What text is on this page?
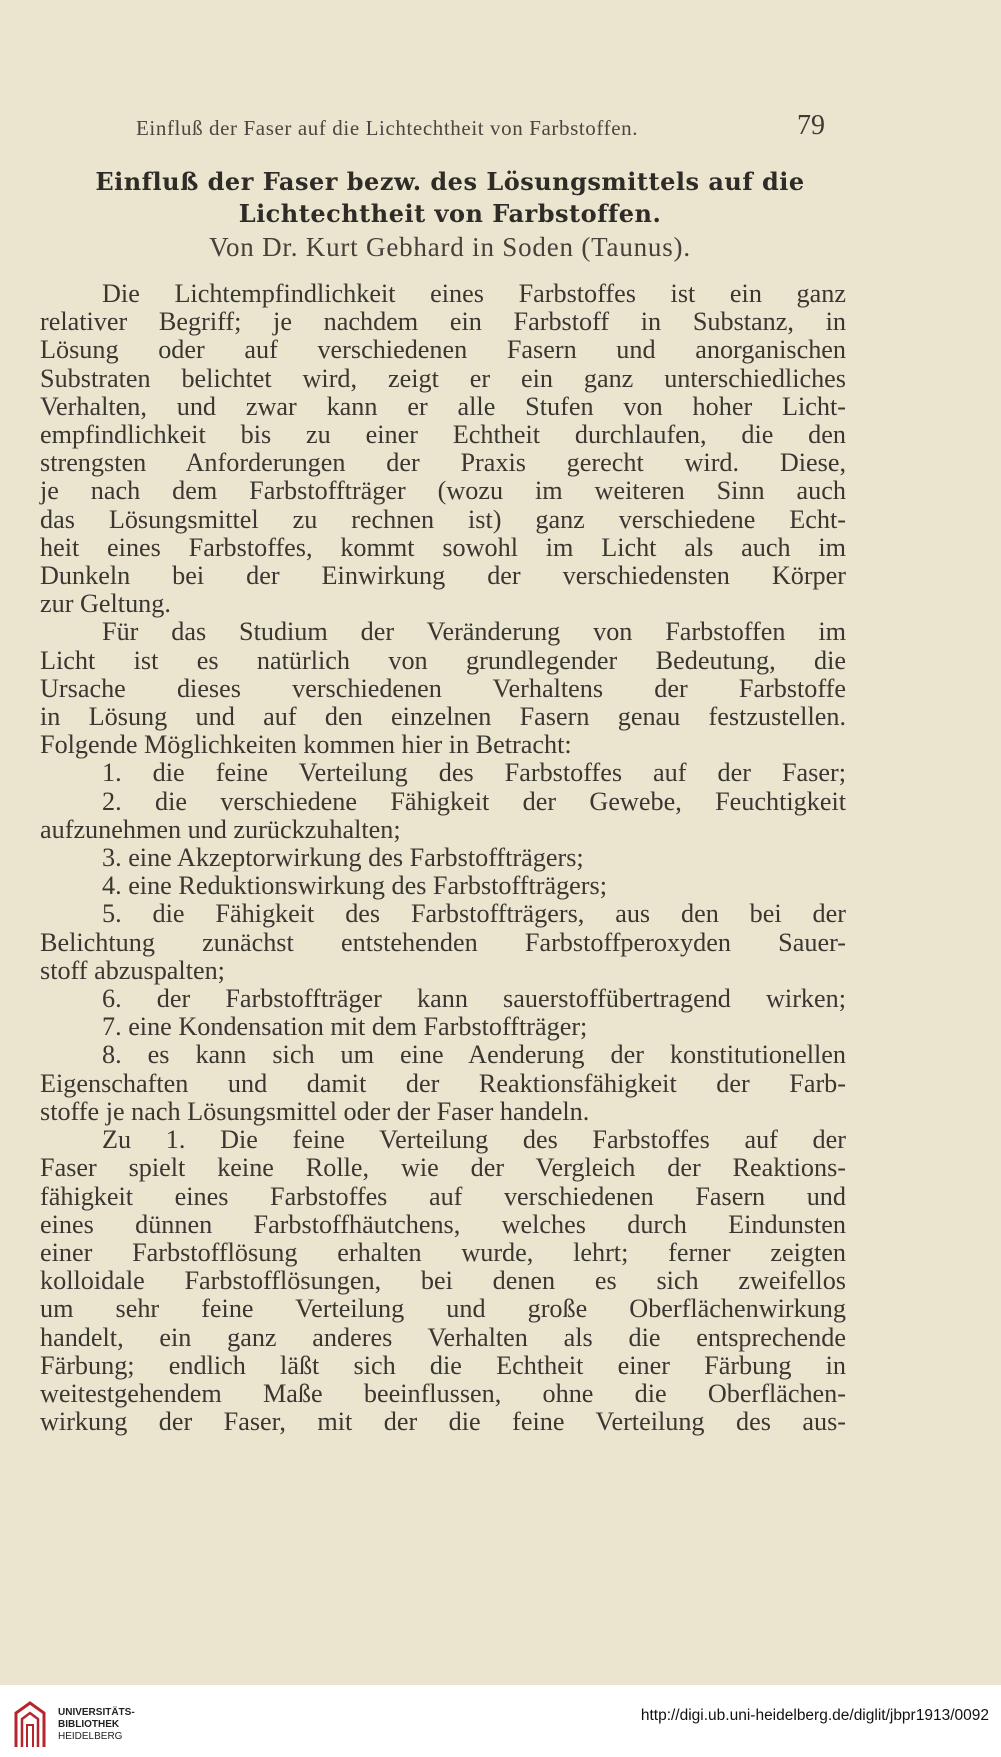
Einfluß der Faser auf die Lichtechtheit von Farbstoffen.	79
Einfluß der Faser bezw. des Lösungsmittels auf die
Lichtechtheit von Farbstoffen.
Von Dr. Kurt Gebhard in Soden (Taunus).

Die Lichtempfindlichkeit eines Farbstoffes ist ein ganz

relativer Begriff; je nachdem ein Farbstoff in Substanz, in

Lösung oder auf verschiedenen Fasern und anorganischen

Substraten belichtet wird, zeigt er ein ganz unterschiedliches

Verhalten, und zwar kann er alle Stufen von hoher Licht-

empfindlichkeit bis zu einer Echtheit durchlaufen, die den

strengsten Anforderungen der Praxis gerecht wird. Diese,

je nach dem Farbstoffträger (wozu im weiteren Sinn auch

das Lösungsmittel zu rechnen ist) ganz verschiedene Echt-

heit eines Farbstoffes, kommt sowohl im Licht als auch im

Dunkeln bei der Einwirkung der verschiedensten Körper

zur Geltung.

Für das Studium der Veränderung von Farbstoffen im

Licht ist es natürlich von grundlegender Bedeutung, die

Ursache dieses verschiedenen Verhaltens der Farbstoffe

in Lösung und auf den einzelnen Fasern genau festzustellen.

Folgende Möglichkeiten kommen hier in Betracht:

1. die feine Verteilung des Farbstoffes auf der Faser;

2. die verschiedene Fähigkeit der Gewebe, Feuchtigkeit

aufzunehmen und zurückzuhalten;

3. eine Akzeptorwirkung des Farbstoffträgers;

4. eine Reduktionswirkung des Farbstoffträgers;

5. die Fähigkeit des Farbstoffträgers, aus den bei der

Belichtung zunächst entstehenden Farbstoffperoxyden Sauer-

stoff abzuspalten;

6. der Farbstoffträger kann sauerstoffübertragend wirken;

7. eine Kondensation mit dem Farbstoffträger;

8. es kann sich um eine Aenderung der konstitutionellen

Eigenschaften und damit der Reaktionsfähigkeit der Farb-

stoffe je nach Lösungsmittel oder der Faser handeln.

Zu 1. Die feine Verteilung des Farbstoffes auf der

Faser spielt keine Rolle, wie der Vergleich der Reaktions-

fähigkeit eines Farbstoffes auf verschiedenen Fasern und

eines dünnen Farbstoffhäutchens, welches durch Eindunsten

einer Farbstofflösung erhalten wurde, lehrt; ferner zeigten

kolloidale Farbstofflösungen, bei denen es sich zweifellos

um sehr feine Verteilung und große Oberflächenwirkung

handelt, ein ganz anderes Verhalten als die entsprechende

Färbung; endlich läßt sich die Echtheit einer Färbung in

weitestgehendem Maße beeinflussen, ohne die Oberflächen-

wirkung der Faser, mit der die feine Verteilung des aus-

UNIVERSITÄTS-
BIBLIOTHEK
HEIDELBERG
http://digi.ub.uni-heidelberg.de/diglit/jbpr1913/0092
